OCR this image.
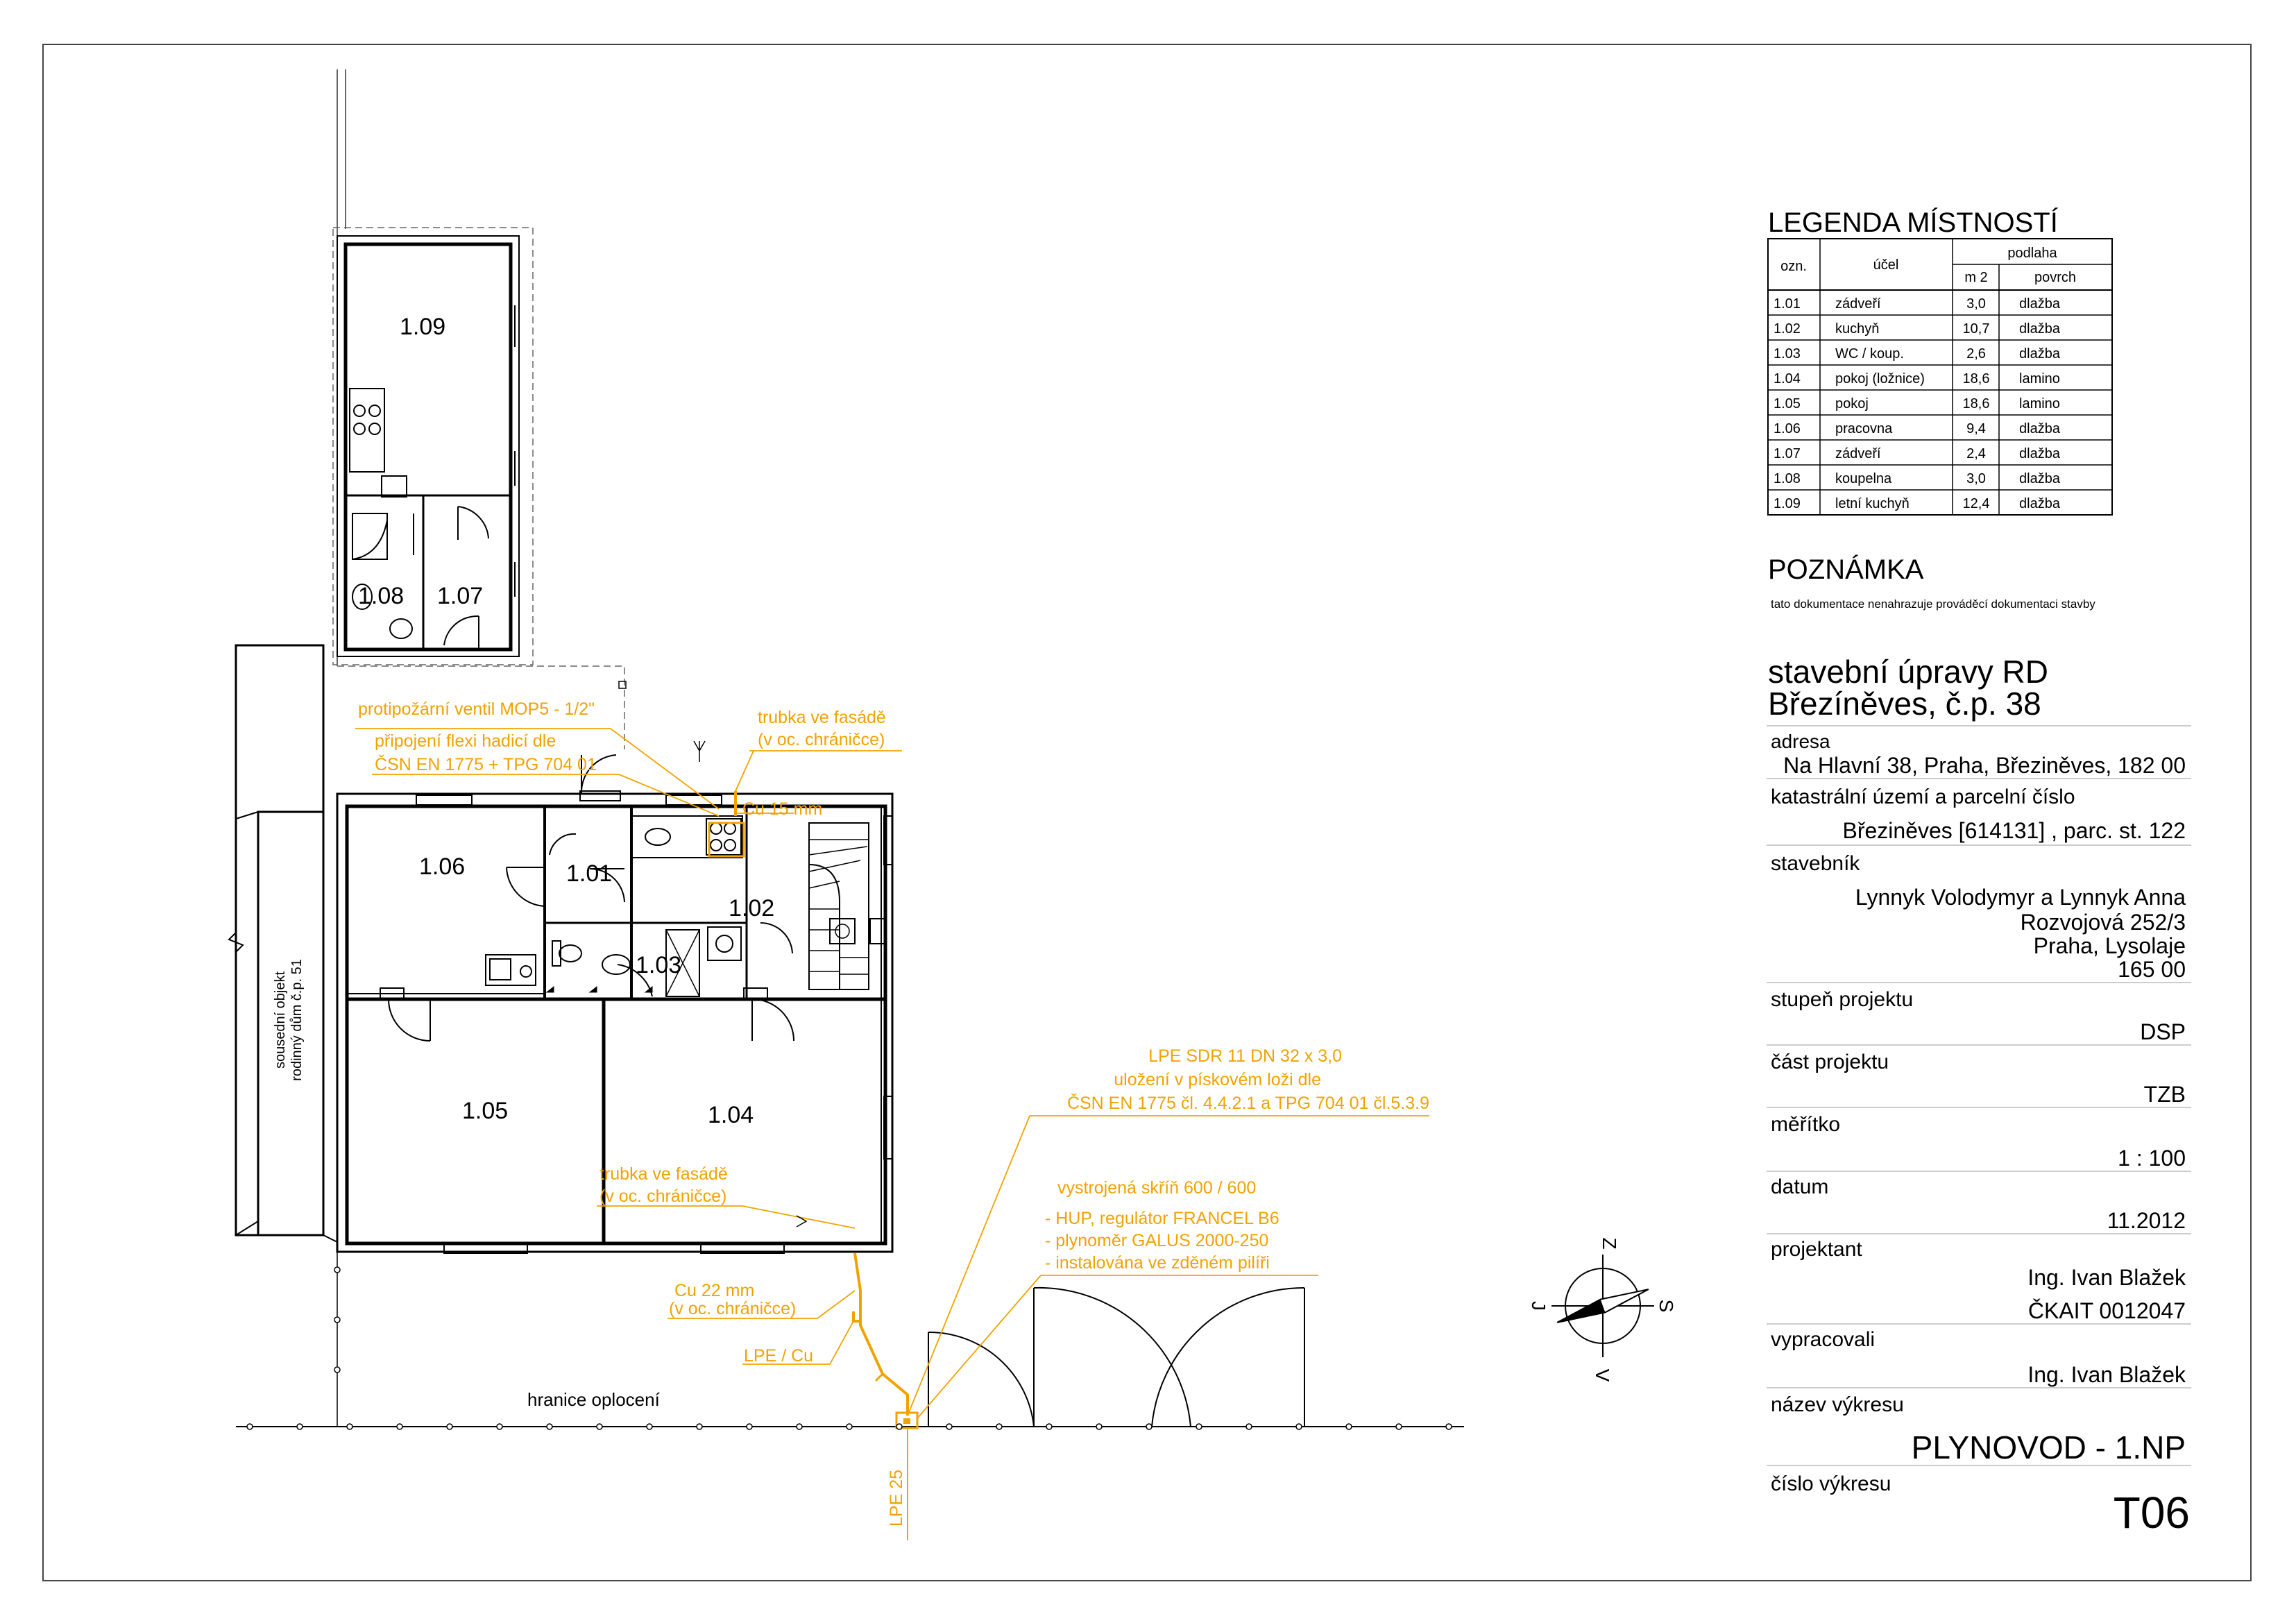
LEGENDA MÍSTNOSTÍ
ozn.	účel
podlaha
m 2	povrch
1.01	zádveří	3,0 dlažba
1.02	kuchyň	10,7 dlažba
1.03	WC / koup.	2,6 dlažba
1.04	pokoj (ložnice)	18,6 lamino
1.05	pokoj	18,6 lamino
1.06	pracovna	9,4 dlažba
1.07	zádveří	2,4 dlažba
1.08	koupelna	3,0 dlažba
1.09	letní kuchyň	12,4 dlažba
POZNÁMKA
tato dokumentace nenahrazuje prováděcí dokumentaci stavby
stavební úpravy RD
Březíněves, č.p. 38
adresa
Na Hlavní 38, Praha, Březiněves, 182 00
katastrální území a parcelní číslo
Březiněves [614131] , parc. st. 122
stavebník
Lynnyk Volodymyr a Lynnyk Anna
Rozvojová 252/3
Praha, Lysolaje
165 00
stupeň projektu
DSP
část projektu
TZB
měřítko
1 : 100
datum
11.2012
projektant
Ing. Ivan Blažek
ČKAIT 0012047
vypracovali
Ing. Ivan Blažek
název výkresu
PLYNOVOD - 1.NP
číslo výkresu
T06
1.09
1.08 1.07
1.06	1.01
1.02
1.03
1.05	1.04
sousední objekt rodinný dům č.p. 51
hranice oplocení
protipožární ventil MOP5 - 1/2"
připojení flexi hadicí dle
ČSN EN 1775 + TPG 704 01
trubka ve fasádě
(v oc. chráničce)
Cu 15 mm
LPE SDR 11 DN 32 x 3,0
uložení v pískovém loži dle
ČSN EN 1775 čl. 4.4.2.1 a TPG 704 01 čl.5.3.9
trubka ve fasádě
(v oc. chráničce)	vystrojená skříň 600 / 600
- HUP, regulátor FRANCEL B6
- plynoměr GALUS 2000-250
- instalována ve zděném pilíři
Cu 22 mm
(v oc. chráničce)
LPE / Cu
LPE 25
Z
V
S
J
